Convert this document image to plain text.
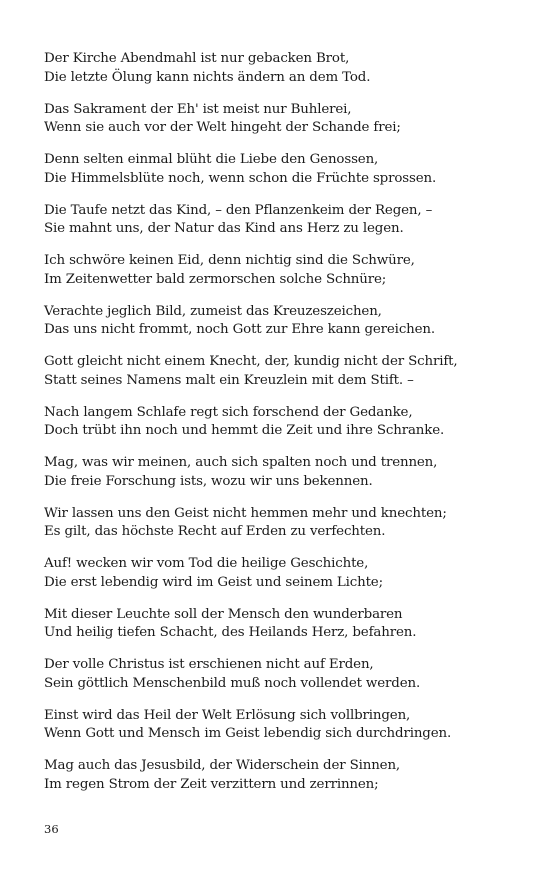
Der Kirche Abendmahl ist nur gebacken Brot,
Die letzte Ölung kann nichts ändern an dem Tod.
Das Sakrament der Eh' ist meist nur Buhlerei,
Wenn sie auch vor der Welt hingeht der Schande frei;
Denn selten einmal blüht die Liebe den Genossen,
Die Himmelsblüte noch, wenn schon die Früchte sprossen.
Die Taufe netzt das Kind, – den Pflanzenkeim der Regen, –
Sie mahnt uns, der Natur das Kind ans Herz zu legen.
Ich schwöre keinen Eid, denn nichtig sind die Schwüre,
Im Zeitenwetter bald zermorschen solche Schnüre;
Verachte jeglich Bild, zumeist das Kreuzeszeichen,
Das uns nicht frommt, noch Gott zur Ehre kann gereichen.
Gott gleicht nicht einem Knecht, der, kundig nicht der Schrift,
Statt seines Namens malt ein Kreuzlein mit dem Stift. –
Nach langem Schlafe regt sich forschend der Gedanke,
Doch trübt ihn noch und hemmt die Zeit und ihre Schranke.
Mag, was wir meinen, auch sich spalten noch und trennen,
Die freie Forschung ists, wozu wir uns bekennen.
Wir lassen uns den Geist nicht hemmen mehr und knechten;
Es gilt, das höchste Recht auf Erden zu verfechten.
Auf! wecken wir vom Tod die heilige Geschichte,
Die erst lebendig wird im Geist und seinem Lichte;
Mit dieser Leuchte soll der Mensch den wunderbaren
Und heilig tiefen Schacht, des Heilands Herz, befahren.
Der volle Christus ist erschienen nicht auf Erden,
Sein göttlich Menschenbild muß noch vollendet werden.
Einst wird das Heil der Welt Erlösung sich vollbringen,
Wenn Gott und Mensch im Geist lebendig sich durchdringen.
Mag auch das Jesusbild, der Widerschein der Sinnen,
Im regen Strom der Zeit verzittern und zerrinnen;
36
